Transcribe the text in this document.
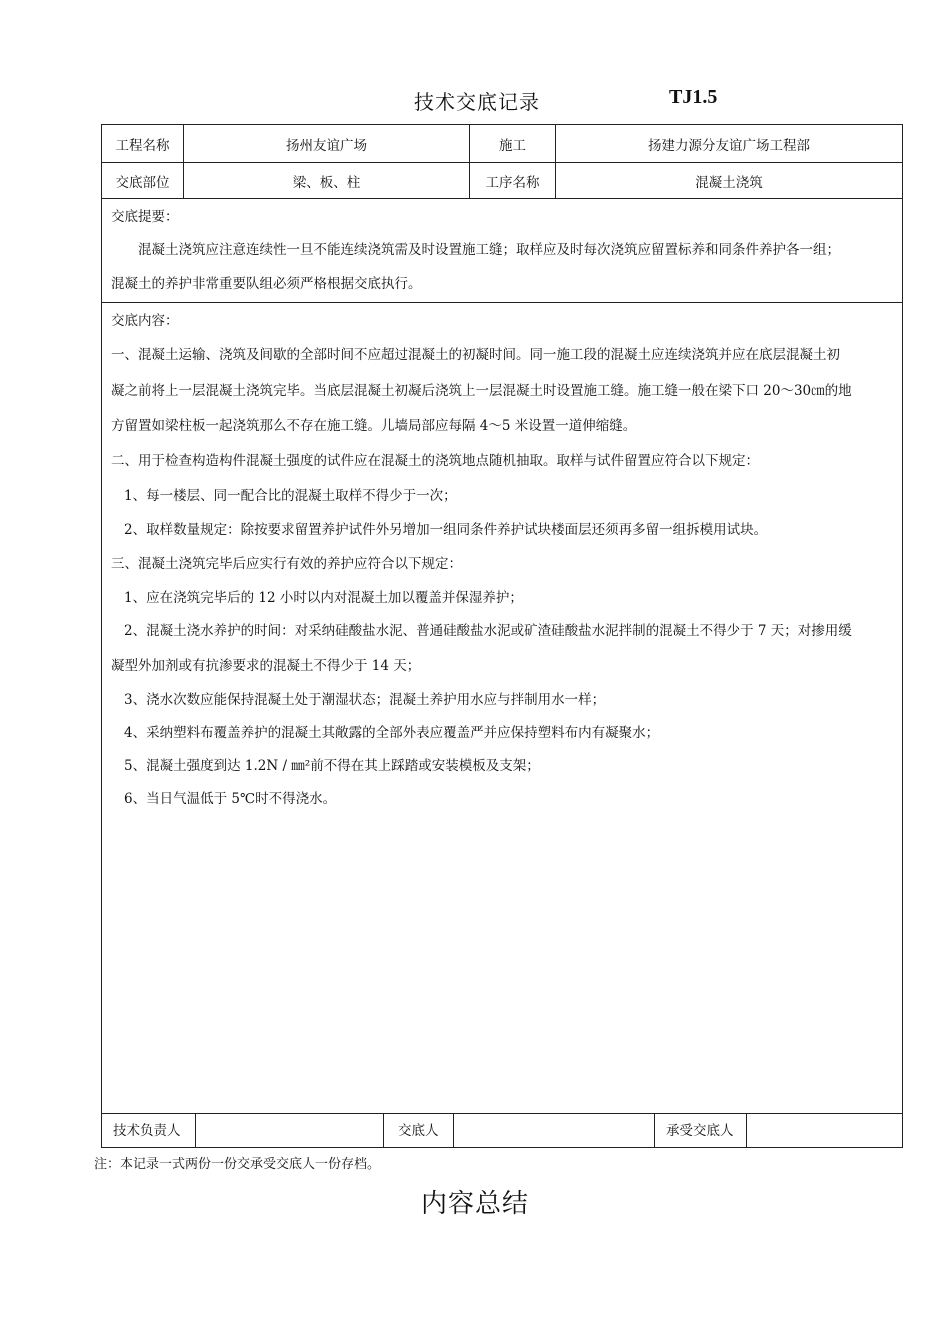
技术交底记录	TJ1.5
工程名称	扬州友谊广场	施工	扬建力源分友谊广场工程部
交底部位	梁、板、柱	工序名称	混凝土浇筑
交底提要：
混凝土浇筑应注意连续性一旦不能连续浇筑需及时设置施工缝；取样应及时每次浇筑应留置标养和同条件养护各一组；
混凝土的养护非常重要队组必须严格根据交底执行。
交底内容：
一、混凝土运输、浇筑及间歇的全部时间不应超过混凝土的初凝时间。同一施工段的混凝土应连续浇筑并应在底层混凝土初
凝之前将上一层混凝土浇筑完毕。当底层混凝土初凝后浇筑上一层混凝土时设置施工缝。施工缝一般在梁下口 20～30㎝的地
方留置如梁柱板一起浇筑那么不存在施工缝。儿墙局部应每隔 4～5 米设置一道伸缩缝。
二、用于检查构造构件混凝土强度的试件应在混凝土的浇筑地点随机抽取。取样与试件留置应符合以下规定：
1、每一楼层、同一配合比的混凝土取样不得少于一次；
2、取样数量规定：除按要求留置养护试件外另增加一组同条件养护试块楼面层还须再多留一组拆模用试块。
三、混凝土浇筑完毕后应实行有效的养护应符合以下规定：
1、应在浇筑完毕后的 12 小时以内对混凝土加以覆盖并保湿养护；
2、混凝土浇水养护的时间：对采纳硅酸盐水泥、普通硅酸盐水泥或矿渣硅酸盐水泥拌制的混凝土不得少于 7 天；对掺用缓
凝型外加剂或有抗渗要求的混凝土不得少于 14 天；
3、浇水次数应能保持混凝土处于潮湿状态；混凝土养护用水应与拌制用水一样；
4、采纳塑料布覆盖养护的混凝土其敞露的全部外表应覆盖严并应保持塑料布内有凝聚水；
5、混凝土强度到达 1.2N / ㎜²前不得在其上踩踏或安装模板及支架；
6、当日气温低于 5℃时不得浇水。
技术负责人	交底人	承受交底人
注：本记录一式两份一份交承受交底人一份存档。
内容总结
